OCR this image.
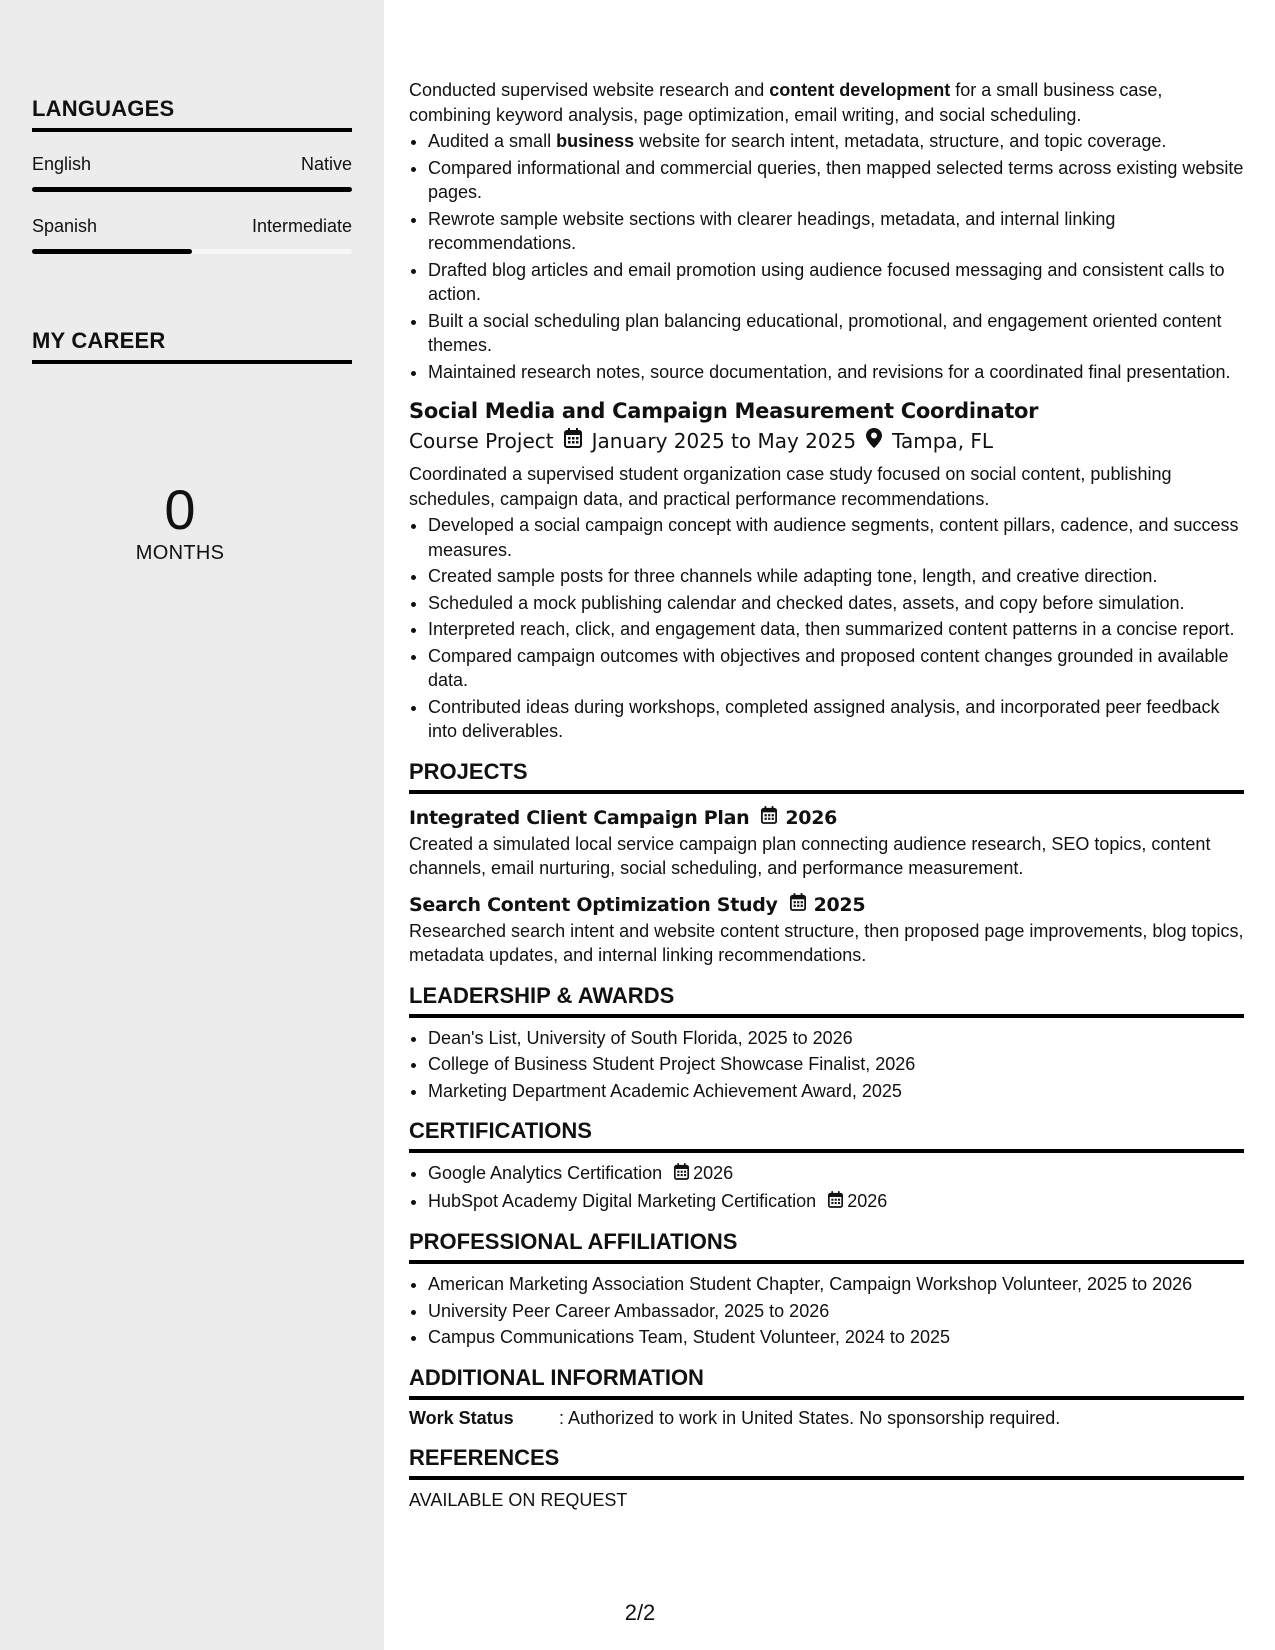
LANGUAGES
English	Native
Spanish	Intermediate
MY CAREER
0
MONTHS

Conducted supervised website research and content development for a small business case, combining keyword analysis, page optimization, email writing, and social scheduling.

• Audited a small business website for search intent, metadata, structure, and topic coverage.
• Compared informational and commercial queries, then mapped selected terms across existing website pages.
• Rewrote sample website sections with clearer headings, metadata, and internal linking recommendations.
• Drafted blog articles and email promotion using audience focused messaging and consistent calls to action.
• Built a social scheduling plan balancing educational, promotional, and engagement oriented content themes.
• Maintained research notes, source documentation, and revisions for a coordinated final presentation.
Social Media and Campaign Measurement Coordinator
Course Project January 2025 to May 2025 Tampa, FL

Coordinated a supervised student organization case study focused on social content, publishing schedules, campaign data, and practical performance recommendations.

• Developed a social campaign concept with audience segments, content pillars, cadence, and success measures.
• Created sample posts for three channels while adapting tone, length, and creative direction.
• Scheduled a mock publishing calendar and checked dates, assets, and copy before simulation.
• Interpreted reach, click, and engagement data, then summarized content patterns in a concise report.
• Compared campaign outcomes with objectives and proposed content changes grounded in available data.
• Contributed ideas during workshops, completed assigned analysis, and incorporated peer feedback into deliverables.
PROJECTS
Integrated Client Campaign Plan 2026

Created a simulated local service campaign plan connecting audience research, SEO topics, content channels, email nurturing, social scheduling, and performance measurement.

Search Content Optimization Study 2025

Researched search intent and website content structure, then proposed page improvements, blog topics, metadata updates, and internal linking recommendations.

LEADERSHIP & AWARDS
• Dean's List, University of South Florida, 2025 to 2026
• College of Business Student Project Showcase Finalist, 2026
• Marketing Department Academic Achievement Award, 2025
CERTIFICATIONS
• Google Analytics Certification 2026
• HubSpot Academy Digital Marketing Certification 2026
PROFESSIONAL AFFILIATIONS
• American Marketing Association Student Chapter, Campaign Workshop Volunteer, 2025 to 2026
• University Peer Career Ambassador, 2025 to 2026
• Campus Communications Team, Student Volunteer, 2024 to 2025
ADDITIONAL INFORMATION
Work Status	: Authorized to work in United States. No sponsorship required.
REFERENCES
AVAILABLE ON REQUEST
2/2
